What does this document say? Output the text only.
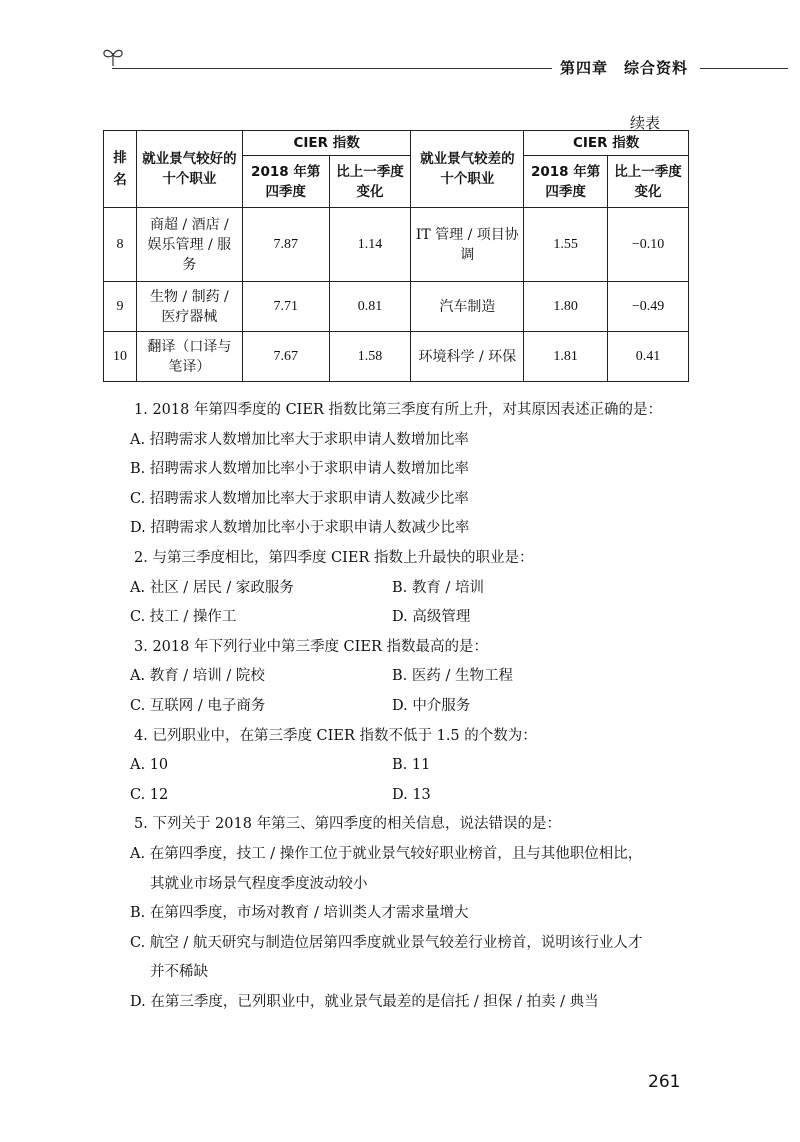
第四章 综合资料
续表
排名	就业景气较好的十个职业	CIER 指数		就业景气较差的十个职业	CIER 指数	
		2018 年第四季度	比上一季度变化		2018 年第四季度	比上一季度变化
8	商超 / 酒店 / 娱乐管理 / 服务	7.87	1.14	IT 管理 / 项目协调	1.55	−0.10
9	生物 / 制药 / 医疗器械	7.71	0.81	汽车制造	1.80	−0.49
10	翻译（口译与笔译）	7.67	1.58	环境科学 / 环保	1.81	0.41
1. 2018 年第四季度的 CIER 指数比第三季度有所上升，对其原因表述正确的是：
A. 招聘需求人数增加比率大于求职申请人数增加比率
B. 招聘需求人数增加比率小于求职申请人数增加比率
C. 招聘需求人数增加比率大于求职申请人数减少比率
D. 招聘需求人数增加比率小于求职申请人数减少比率
2. 与第三季度相比，第四季度 CIER 指数上升最快的职业是：
A. 社区 / 居民 / 家政服务	B. 教育 / 培训
C. 技工 / 操作工	D. 高级管理
3. 2018 年下列行业中第三季度 CIER 指数最高的是：
A. 教育 / 培训 / 院校	B. 医药 / 生物工程
C. 互联网 / 电子商务	D. 中介服务
4. 已列职业中，在第三季度 CIER 指数不低于 1.5 的个数为：
A. 10	B. 11
C. 12	D. 13
5. 下列关于 2018 年第三、第四季度的相关信息，说法错误的是：
A. 在第四季度，技工 / 操作工位于就业景气较好职业榜首，且与其他职位相比，
其就业市场景气程度季度波动较小
B. 在第四季度，市场对教育 / 培训类人才需求量增大
C. 航空 / 航天研究与制造位居第四季度就业景气较差行业榜首，说明该行业人才
并不稀缺
D. 在第三季度，已列职业中，就业景气最差的是信托 / 担保 / 拍卖 / 典当
261
